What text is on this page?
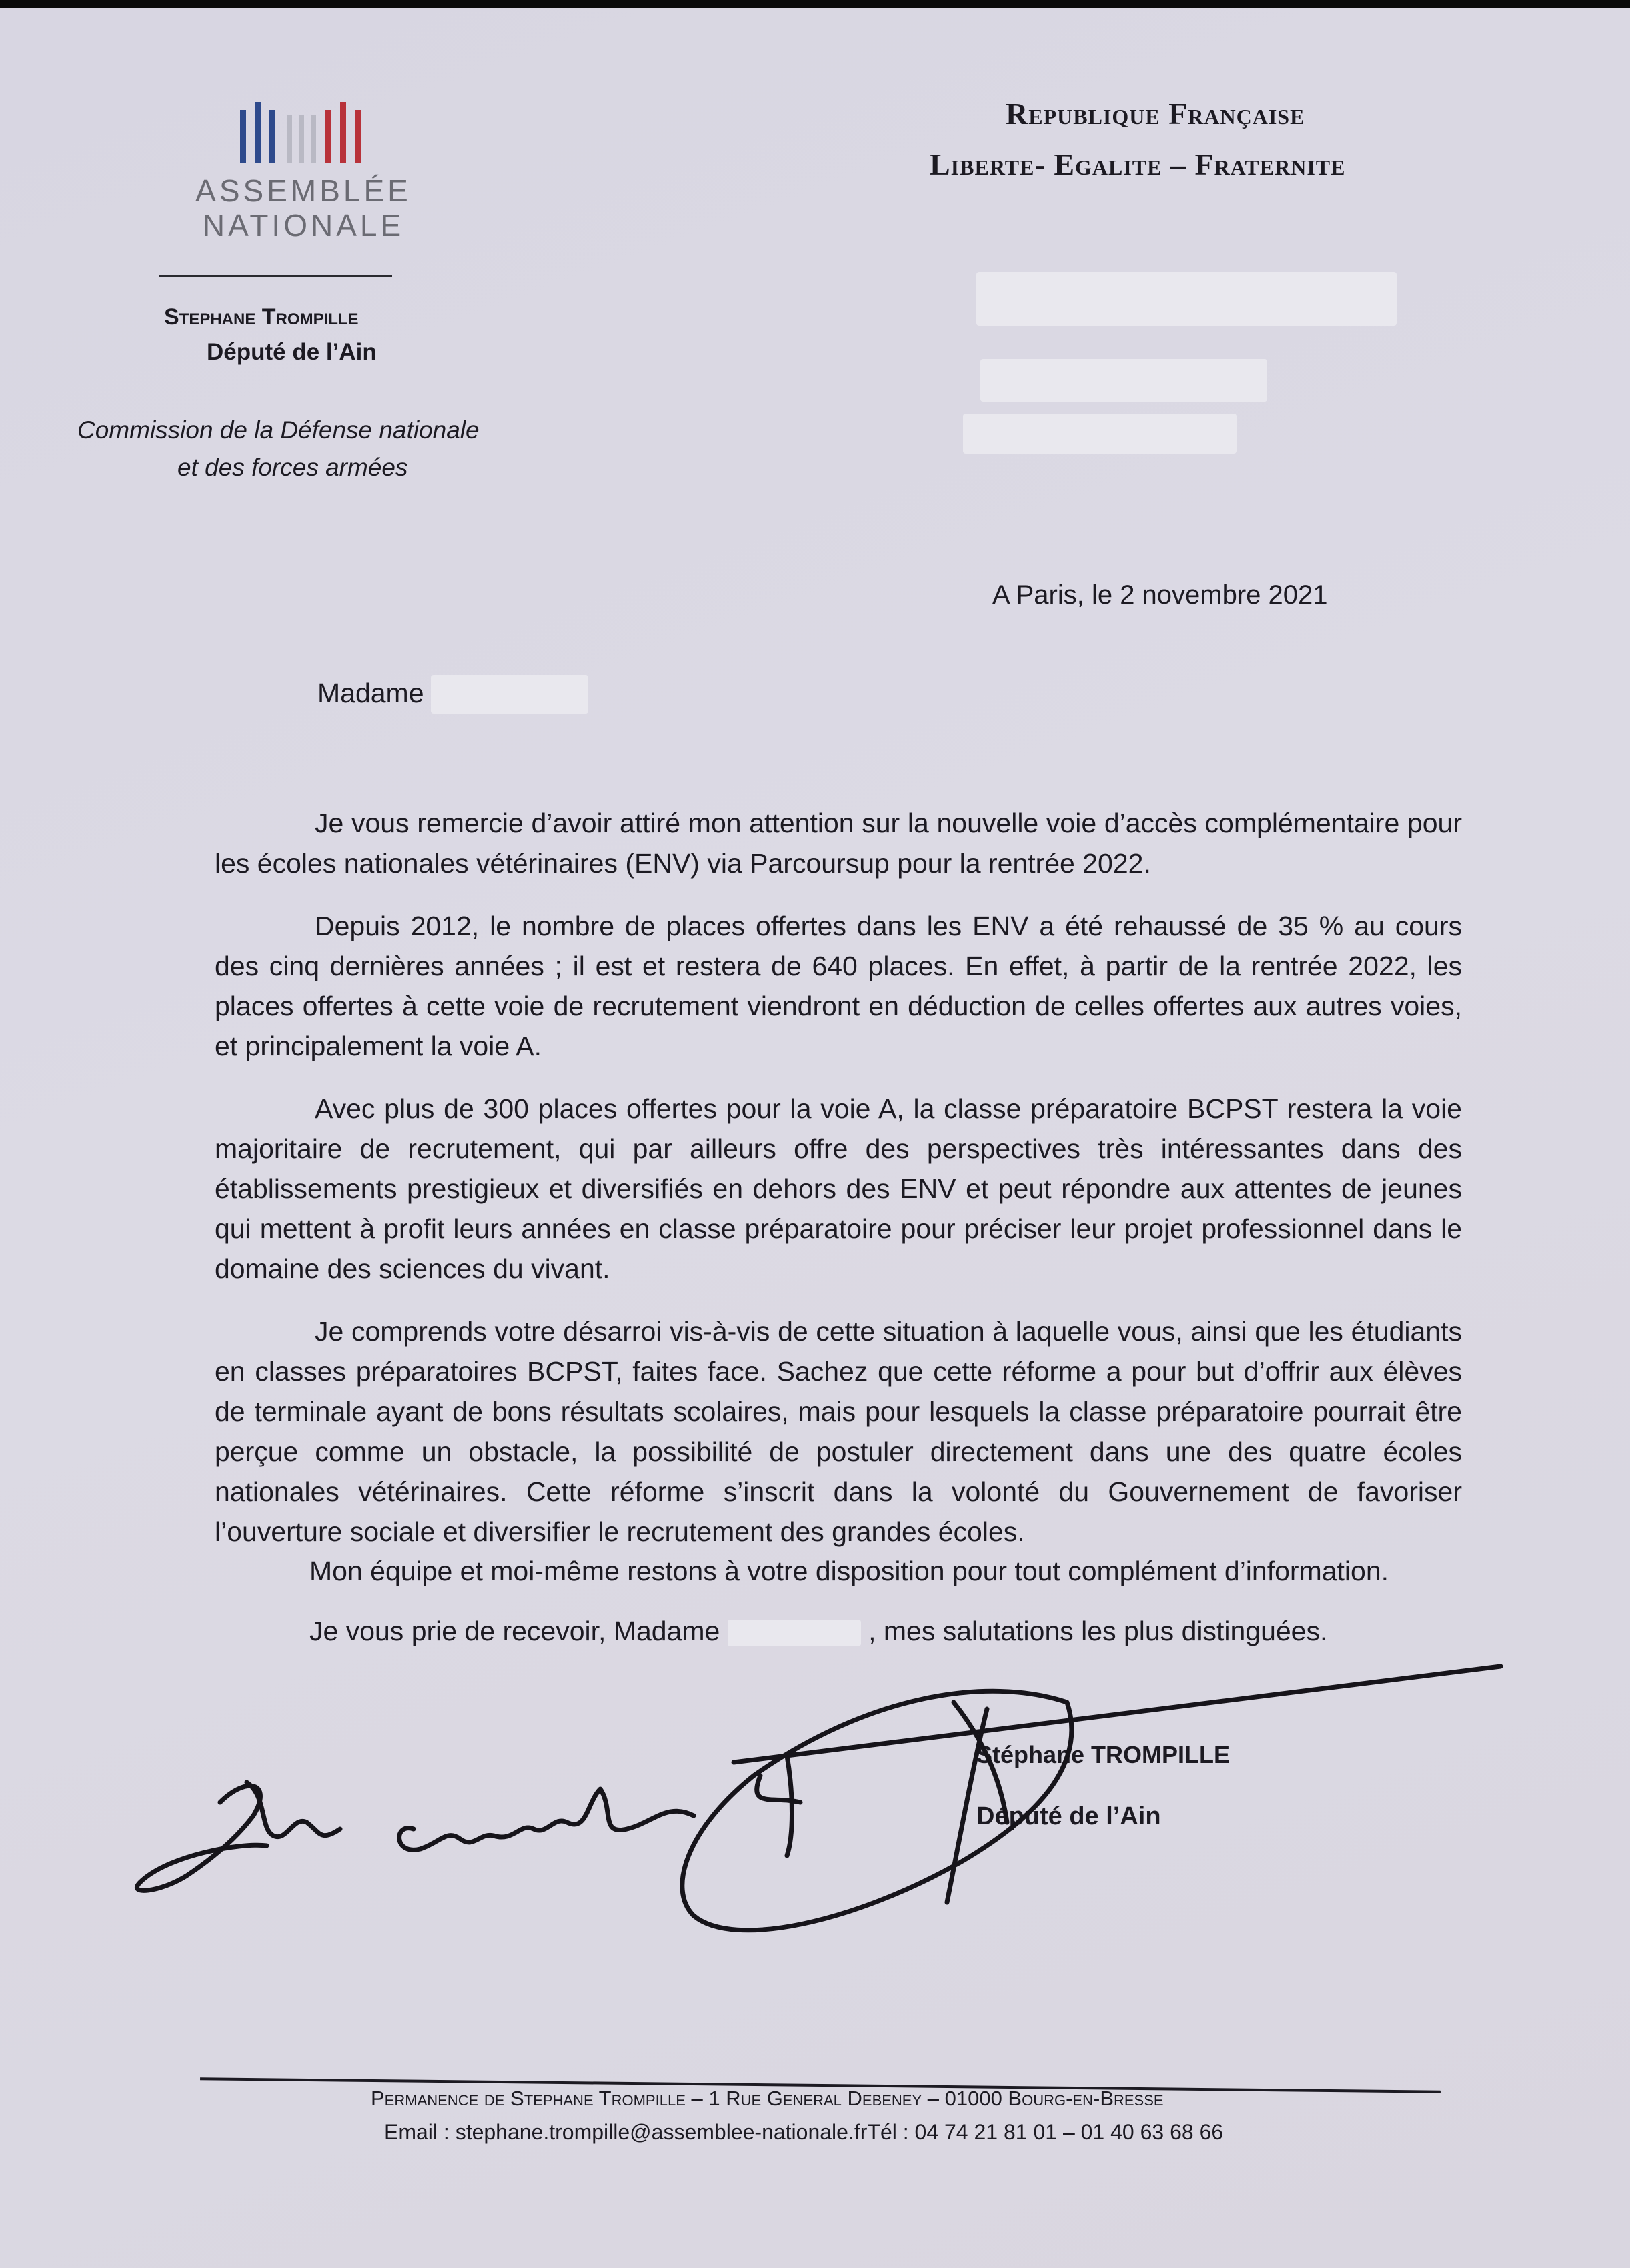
ASSEMBLÉE
NATIONALE
Stephane Trompille
Député de l’Ain
Commission de la Défense nationale
et des forces armées
Republique Française
Liberte- Egalite – Fraternite
A Paris, le 2 novembre 2021
Madame

Je vous remercie d’avoir attiré mon attention sur la nouvelle voie d’accès complémentaire pour les écoles nationales vétérinaires (ENV) via Parcoursup pour la rentrée 2022.

Depuis 2012, le nombre de places offertes dans les ENV a été rehaussé de 35 % au cours des cinq dernières années ; il est et restera de 640 places. En effet, à partir de la rentrée 2022, les places offertes à cette voie de recrutement viendront en déduction de celles offertes aux autres voies, et principalement la voie A.

Avec plus de 300 places offertes pour la voie A, la classe préparatoire BCPST restera la voie majoritaire de recrutement, qui par ailleurs offre des perspectives très intéressantes dans des établissements prestigieux et diversifiés en dehors des ENV et peut répondre aux attentes de jeunes qui mettent à profit leurs années en classe préparatoire pour préciser leur projet professionnel dans le domaine des sciences du vivant.

Je comprends votre désarroi vis-à-vis de cette situation à laquelle vous, ainsi que les étudiants en classes préparatoires BCPST, faites face. Sachez que cette réforme a pour but d’offrir aux élèves de terminale ayant de bons résultats scolaires, mais pour lesquels la classe préparatoire pourrait être perçue comme un obstacle, la possibilité de postuler directement dans une des quatre écoles nationales vétérinaires. Cette réforme s’inscrit dans la volonté du Gouvernement de favoriser l’ouverture sociale et diversifier le recrutement des grandes écoles.

Mon équipe et moi-même restons à votre disposition pour tout complément d’information.
Je vous prie de recevoir, Madame	, mes salutations les plus distinguées.
Stéphane TROMPILLE
Député de l’Ain
Permanence de Stephane Trompille – 1 Rue General Debeney – 01000 Bourg-en-Bresse
Email : stephane.trompille@assemblee-nationale.frTél : 04 74 21 81 01 – 01 40 63 68 66
